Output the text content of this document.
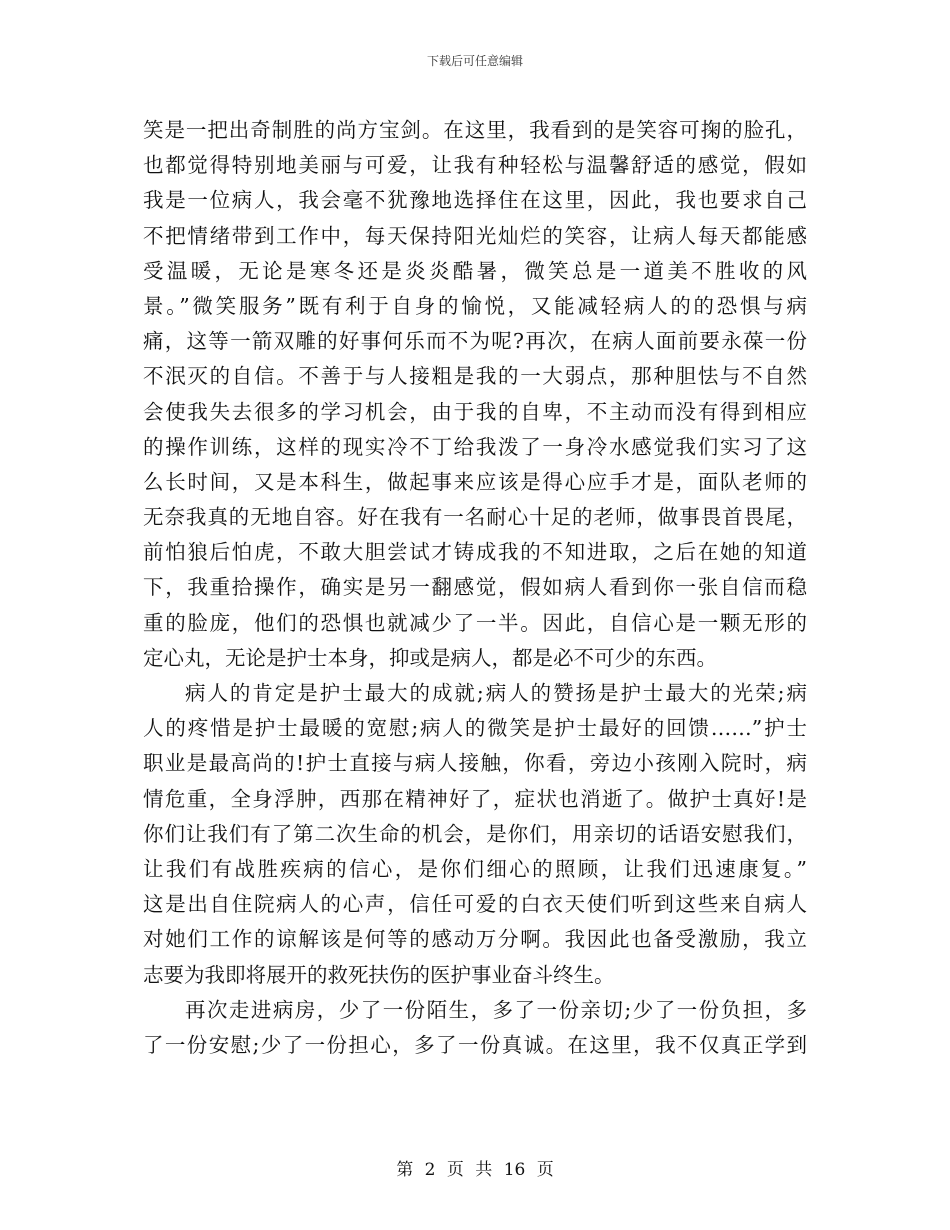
下载后可任意编辑
笑是一把出奇制胜的尚方宝剑。在这里，我看到的是笑容可掬的脸孔，
也都觉得特别地美丽与可爱，让我有种轻松与温馨舒适的感觉，假如
我是一位病人，我会毫不犹豫地选择住在这里，因此，我也要求自己
不把情绪带到工作中，每天保持阳光灿烂的笑容，让病人每天都能感
受温暖，无论是寒冬还是炎炎酷暑，微笑总是一道美不胜收的风
景。”微笑服务”既有利于自身的愉悦，又能减轻病人的的恐惧与病
痛，这等一箭双雕的好事何乐而不为呢?再次，在病人面前要永葆一份
不泯灭的自信。不善于与人接粗是我的一大弱点，那种胆怯与不自然
会使我失去很多的学习机会，由于我的自卑，不主动而没有得到相应
的操作训练，这样的现实冷不丁给我泼了一身冷水感觉我们实习了这
么长时间，又是本科生，做起事来应该是得心应手才是，面队老师的
无奈我真的无地自容。好在我有一名耐心十足的老师，做事畏首畏尾，
前怕狼后怕虎，不敢大胆尝试才铸成我的不知进取，之后在她的知道
下，我重拾操作，确实是另一翻感觉，假如病人看到你一张自信而稳
重的脸庞，他们的恐惧也就减少了一半。因此，自信心是一颗无形的
定心丸，无论是护士本身，抑或是病人，都是必不可少的东西。
病人的肯定是护士最大的成就;病人的赞扬是护士最大的光荣;病
人的疼惜是护士最暖的宽慰;病人的微笑是护士最好的回馈……”护士
职业是最高尚的!护士直接与病人接触，你看，旁边小孩刚入院时，病
情危重，全身浮肿，西那在精神好了，症状也消逝了。做护士真好!是
你们让我们有了第二次生命的机会，是你们，用亲切的话语安慰我们，
让我们有战胜疾病的信心，是你们细心的照顾，让我们迅速康复。”
这是出自住院病人的心声，信任可爱的白衣天使们听到这些来自病人
对她们工作的谅解该是何等的感动万分啊。我因此也备受激励，我立
志要为我即将展开的救死扶伤的医护事业奋斗终生。
再次走进病房，少了一份陌生，多了一份亲切;少了一份负担，多
了一份安慰;少了一份担心，多了一份真诚。在这里，我不仅真正学到
第 2 页 共 16 页
